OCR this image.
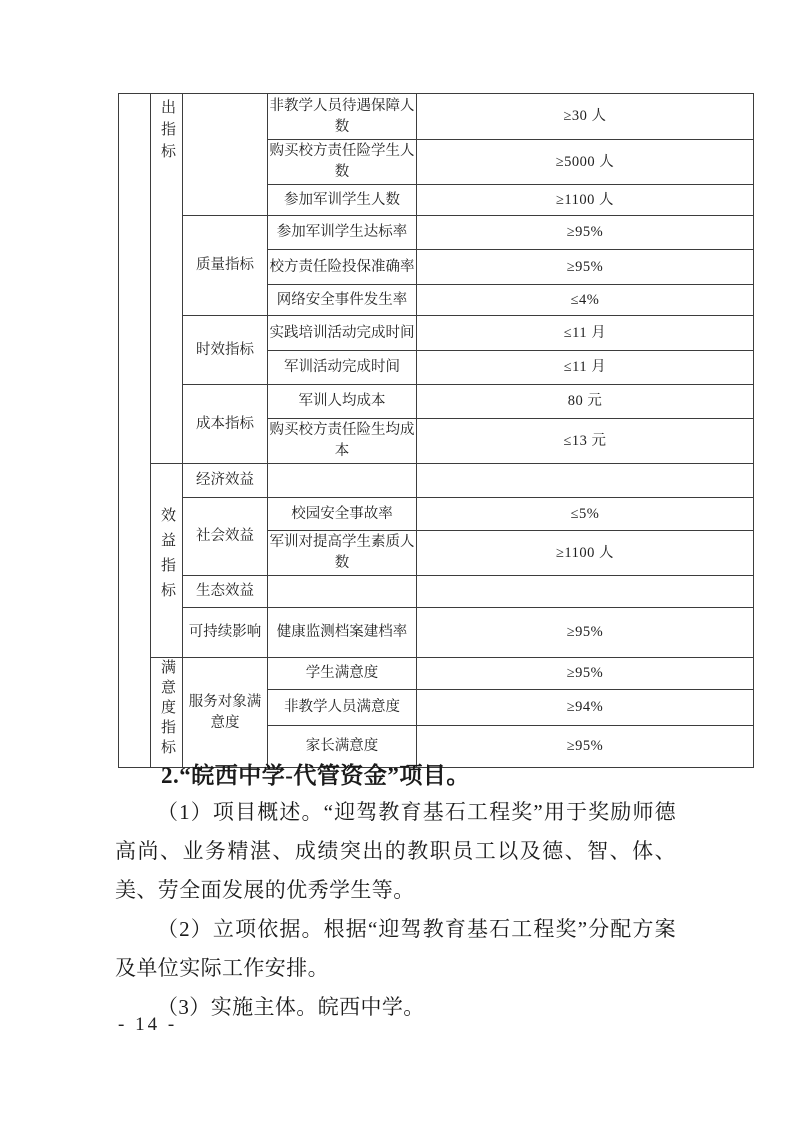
	出指标		非教学人员待遇保障人数	≥30 人
			购买校方责任险学生人数	≥5000 人
			参加军训学生人数	≥1100 人
		质量指标	参加军训学生达标率	≥95%
			校方责任险投保准确率	≥95%
			网络安全事件发生率	≤4%
		时效指标	实践培训活动完成时间	≤11 月
			军训活动完成时间	≤11 月
		成本指标	军训人均成本	80 元
			购买校方责任险生均成本	≤13 元
	效益指标	经济效益		
		社会效益	校园安全事故率	≤5%
			军训对提高学生素质人数	≥1100 人
		生态效益		
		可持续影响	健康监测档案建档率	≥95%
	满意度指标	服务对象满意度	学生满意度	≥95%
			非教学人员满意度	≥94%
			家长满意度	≥95%
2.“皖西中学-代管资金”项目。

（1）项目概述。“迎驾教育基石工程奖”用于奖励师德高尚、业务精湛、成绩突出的教职员工以及德、智、体、美、劳全面发展的优秀学生等。

（2）立项依据。根据“迎驾教育基石工程奖”分配方案及单位实际工作安排。

（3）实施主体。皖西中学。

- 14 -
